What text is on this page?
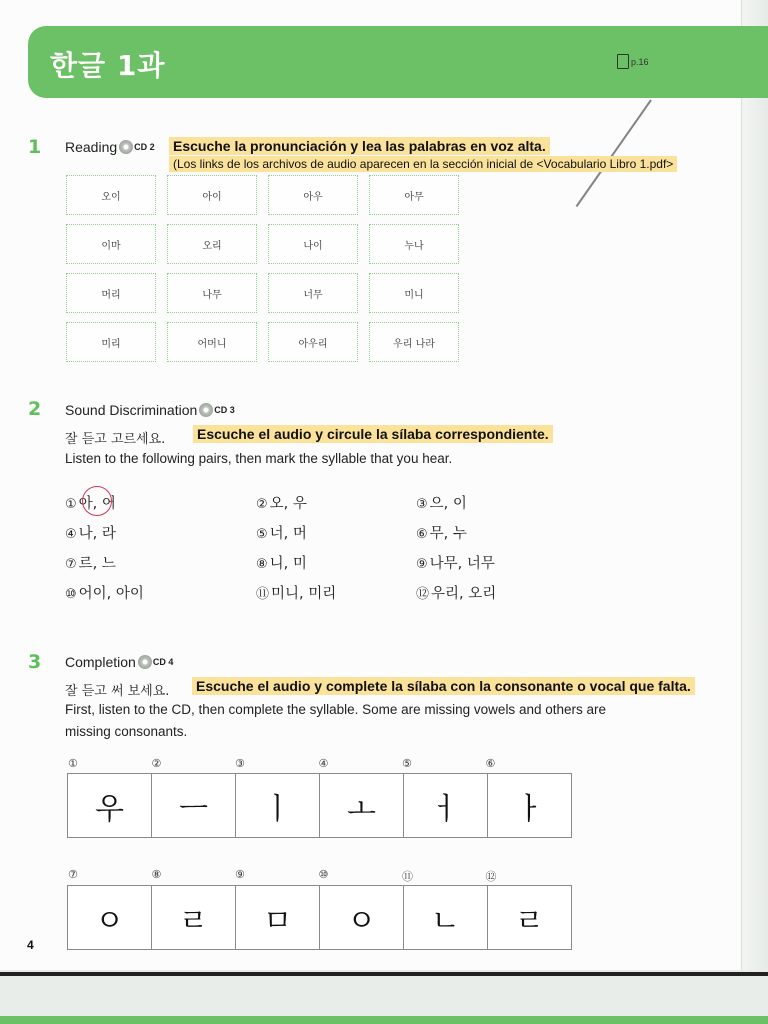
한글 1과	p.16
1 Reading CD 2 Escuche la pronunciación y lea las palabras en voz alta.
(Los links de los archivos de audio aparecen en la sección inicial de <Vocabulario Libro 1.pdf>
오이	아이	아우	아무
이마	오리	나이	누나
머리	나무	너무	미니
미리	어머니	아우리	우리 나라
2 Sound Discrimination CD 3
잘 듣고 고르세요. Escuche el audio y circule la sílaba correspondiente.
Listen to the following pairs, then mark the syllable that you hear.
① 아, 어	② 오, 우	③ 으, 이
④ 나, 라	⑤ 너, 머	⑥ 무, 누
⑦ 르, 느	⑧ 니, 미	⑨ 나무, 너무
⑩ 어이, 아이	⑪ 미니, 미리	⑫ 우리, 오리
3 Completion CD 4
잘 듣고 써 보세요. Escuche el audio y complete la sílaba con la consonante o vocal que falta.
First, listen to the CD, then complete the syllable. Some are missing vowels and others are
missing consonants.
①	②	③	④	⑤	⑥
우	ㅡ	ㅣ	ㅗ	ㅓ	ㅏ
⑦	⑧	⑨	⑩	⑪	⑫
ㅇ	ㄹ	ㅁ	ㅇ	ㄴ	ㄹ
4
